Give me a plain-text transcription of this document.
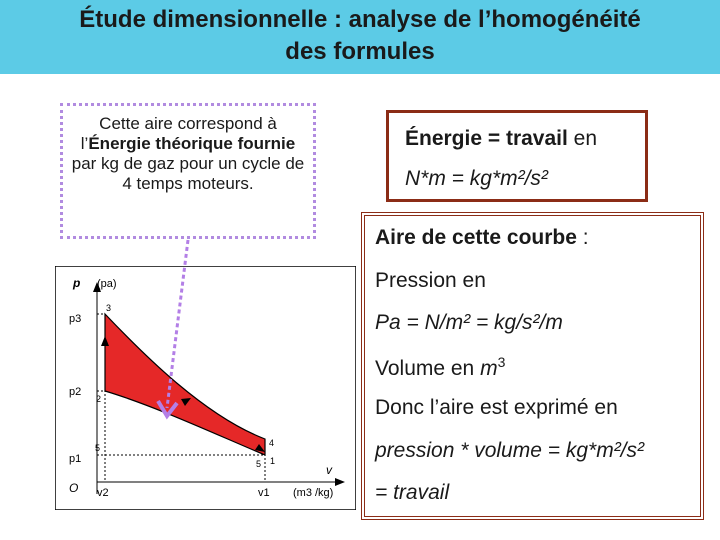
Étude dimensionnelle : analyse de l’homogénéité
des formules
Cette aire correspond à l’Énergie théorique fournie par kg de gaz pour un cycle de 4 temps moteurs.
Énergie = travail en
N*m = kg*m²/s²
Aire de cette courbe :
Pression en
Pa = N/m² = kg/s²/m
Volume en $m^3$
Donc l’aire est exprimé en
pression * volume = kg*m²/s²
= travail
p (pa)
p3
p2
p1
O v2	v1
v
(m3 /kg)
3
2
4
1
5
5
